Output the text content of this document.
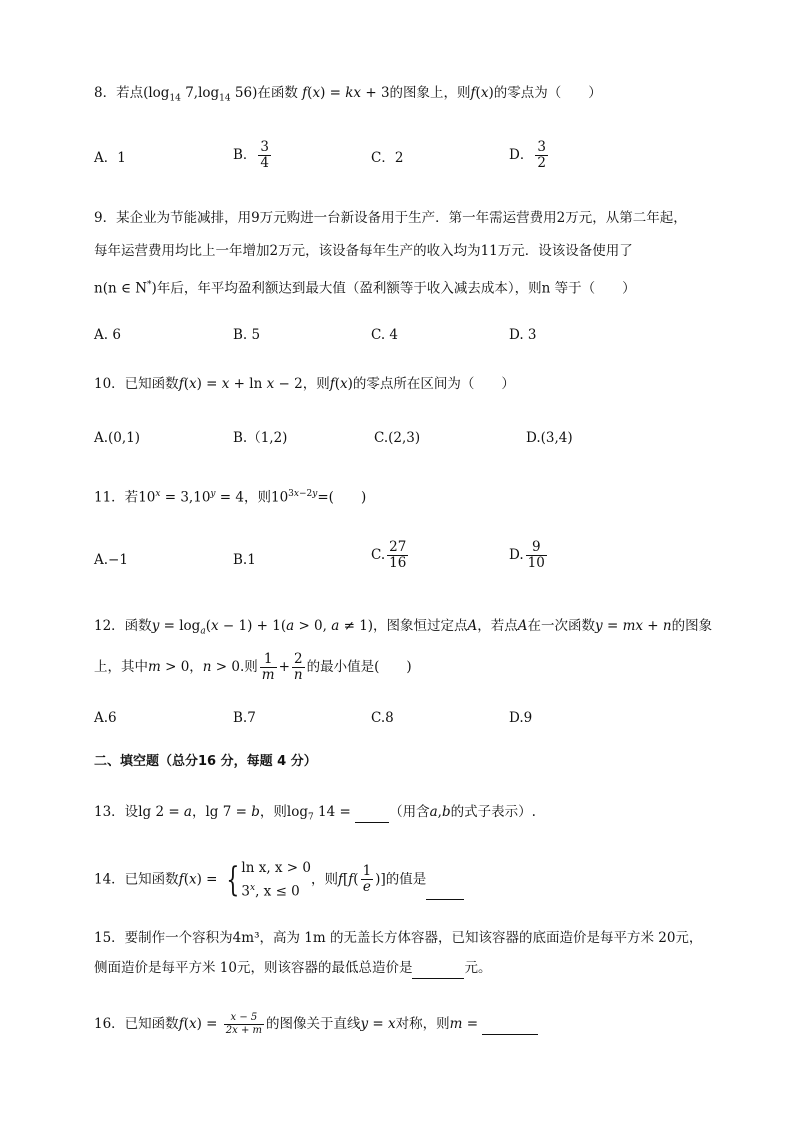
8．若点($\log_{14}$ $7,\log_{14}$ 56)在函数 f(x) = kx + 3的图象上，则f(x)的零点为（　　）
A．1	B． $\frac{3}{4}$	C．2	D． $\frac{3}{2}$
9．某企业为节能减排，用9万元购进一台新设备用于生产．第一年需运营费用2万元，从第二年起，
每年运营费用均比上一年增加2万元，该设备每年生产的收入均为11万元．设该设备使用了
n(n ∈ N*)年后，年平均盈利额达到最大值（盈利额等于收入减去成本），则n 等于（　　）
A. 6	B. 5	C. 4	D. 3
10．已知函数f(x) = x + ln x − 2，则f(x)的零点所在区间为（　　）
A.(0,1)	B.（1,2)	C.(2,3)	D.(3,4)
11．若$10^x = 3,10^y = 4$，则$10^{3x-2y}=$(　　)
A.−1	B.1	C. $\frac{27}{16}$	D. $\frac{9}{10}$
12．函数$y = \log_a(x - 1) + 1(a > 0$, a ≠ 1)，图象恒过定点A，若点A在一次函数y = mx + n的图象
上，其中m > 0，n > 0.则 $\frac{1}{m} + \frac{2}{n}$ 的最小值是(　　)
A.6	B.7	C.8	D.9
二、填空题（总分16 分，每题 4 分）
13．设lg 2 = a，lg 7 = b，则$\log_7 14$ =	（用含a,b的式子表示）.
14．已知函数f(x) = { ln x, x > 0
3$^x$, x ≤ 0
，则$f[f( \frac{1}{e}$ )]的值是
15．要制作一个容积为4m³，高为 1m 的无盖长方体容器，已知该容器的底面造价是每平方米 20元，
侧面造价是每平方米 10元，则该容器的最低总造价是	元。
16．已知函数$f(x) = \frac{x - 5}{2x + m}$ 的图像关于直线y = x对称，则m =
